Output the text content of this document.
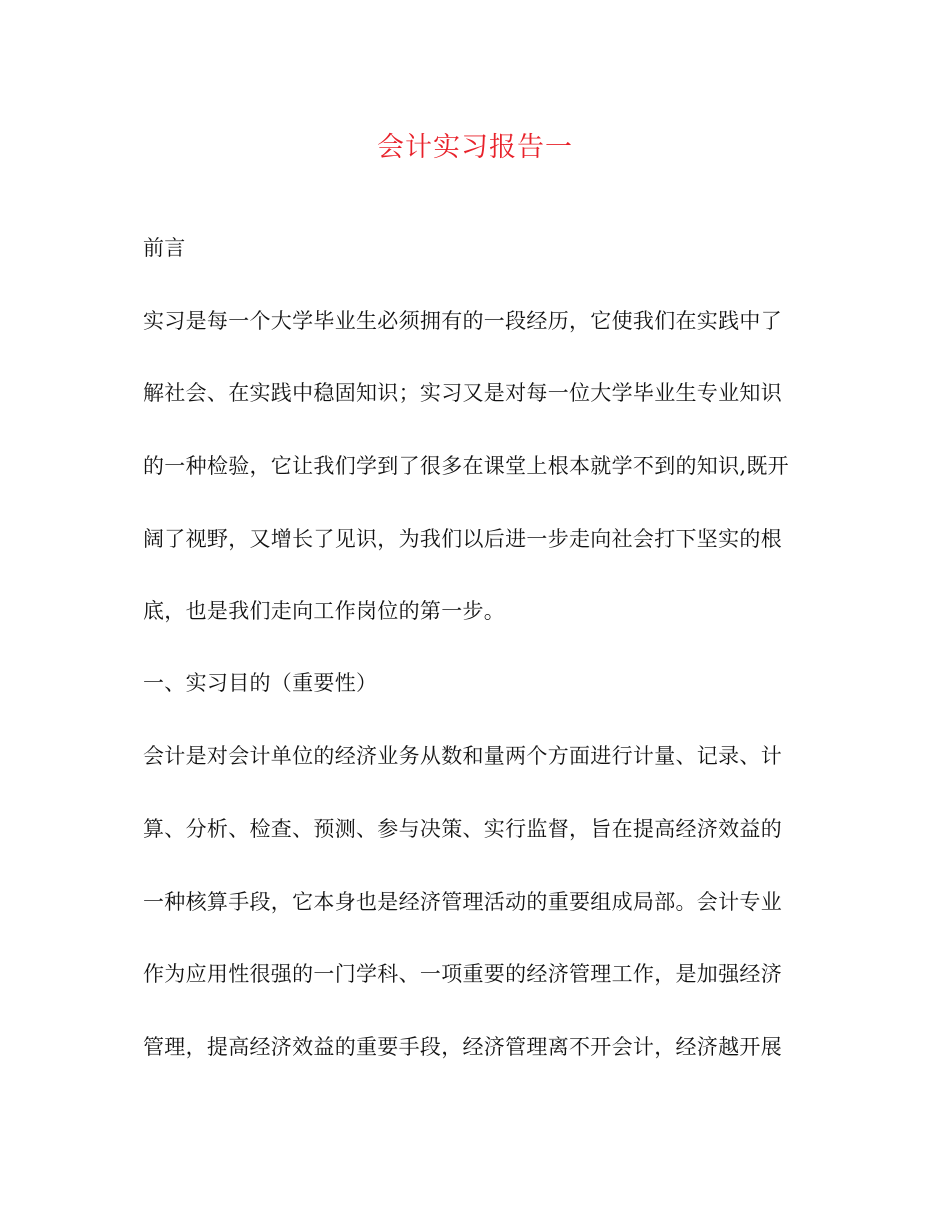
会计实习报告一
前言
实习是每一个大学毕业生必须拥有的一段经历，它使我们在实践中了
解社会、在实践中稳固知识；实习又是对每一位大学毕业生专业知识
的一种检验，它让我们学到了很多在课堂上根本就学不到的知识,既开
阔了视野，又增长了见识，为我们以后进一步走向社会打下坚实的根
底，也是我们走向工作岗位的第一步。
一、实习目的（重要性）
会计是对会计单位的经济业务从数和量两个方面进行计量、记录、计
算、分析、检查、预测、参与决策、实行监督，旨在提高经济效益的
一种核算手段，它本身也是经济管理活动的重要组成局部。会计专业
作为应用性很强的一门学科、一项重要的经济管理工作，是加强经济
管理，提高经济效益的重要手段，经济管理离不开会计，经济越开展
